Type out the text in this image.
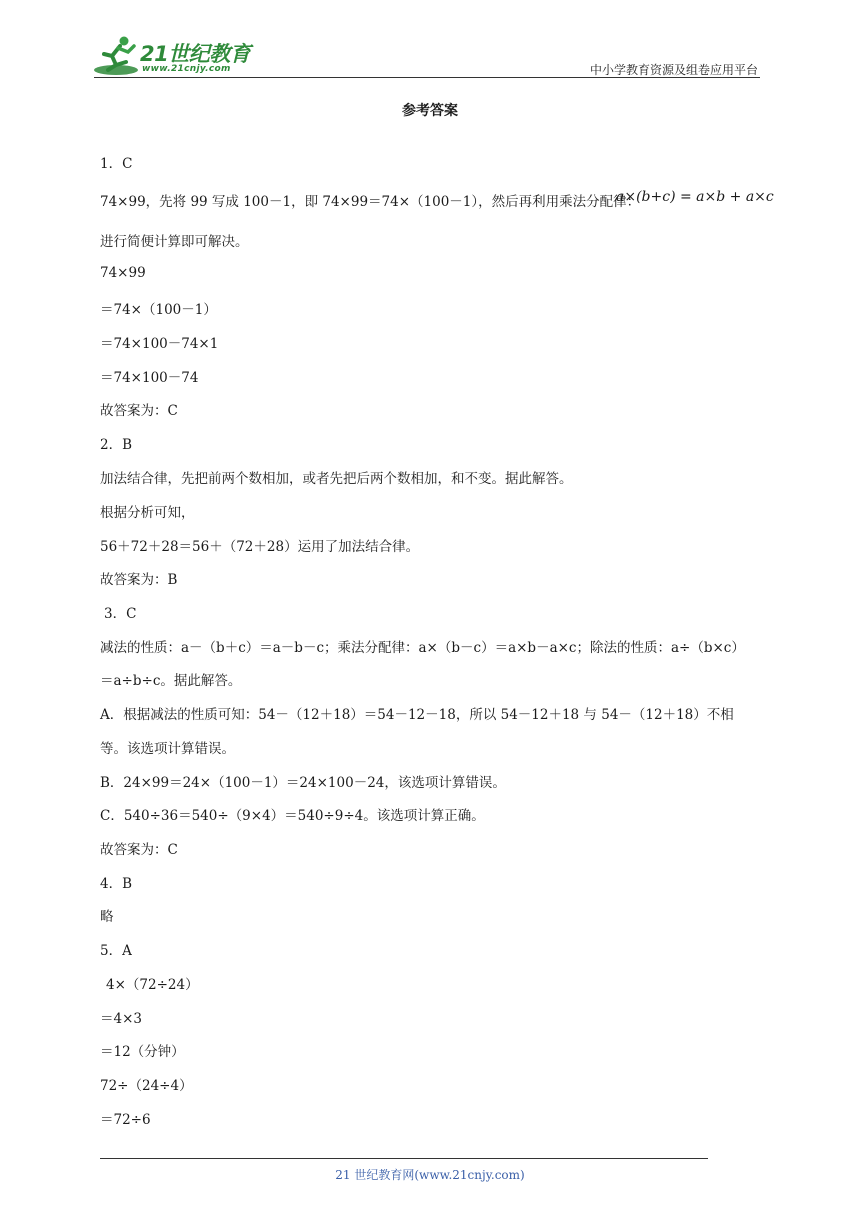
21世纪教育
www.21cnjy.com	中小学教育资源及组卷应用平台
参考答案
1．C
74×99，先将 99 写成 100－1，即 74×99＝74×（100－1），然后再利用乘法分配律：
a×(b+c) = a×b + a×c
进行简便计算即可解决。
74×99
＝74×（100－1）
＝74×100－74×1
＝74×100－74
故答案为：C
2．B
加法结合律，先把前两个数相加，或者先把后两个数相加，和不变。据此解答。
根据分析可知，
56＋72＋28＝56＋（72＋28）运用了加法结合律。
故答案为：B
3．C
减法的性质：a－（b＋c）＝a－b－c；乘法分配律：a×（b－c）＝a×b－a×c；除法的性质：a÷（b×c）
＝a÷b÷c。据此解答。
A．根据减法的性质可知：54－（12＋18）＝54－12－18，所以 54－12＋18 与 54－（12＋18）不相
等。该选项计算错误。
B．24×99＝24×（100－1）＝24×100－24，该选项计算错误。
C．540÷36＝540÷（9×4）＝540÷9÷4。该选项计算正确。
故答案为：C
4．B
略
5．A
4×（72÷24）
＝4×3
＝12（分钟）
72÷（24÷4）
＝72÷6
21 世纪教育网(www.21cnjy.com)
